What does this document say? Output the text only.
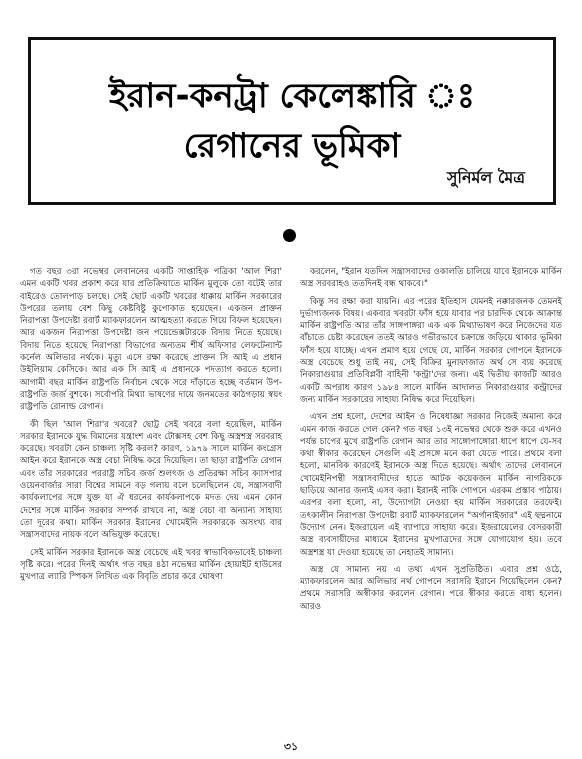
ইরান-কনট্রা কেলেঙ্কারি ঃ
রেগানের ভূমিকা
সুনির্মল মৈত্র

গত বছর ৩রা নভেম্বর লেবাননের একটি সাপ্তাহিক পত্রিকা 'আল শিরা' এমন একটি খবর প্রকাশ করে যার প্রতিক্রিয়াতে মার্কিন মুলুকে তো বটেই তার বাইরেও তোলপাড় চলছে। সেই ছোট একটি খবরের ধাক্কায় মার্কিন সরকারের উপরের তলায় বেশ কিছু কেষ্টবিষ্টু কুপোকাত হয়েছেন। একজন প্রাক্তন নিরাপত্তা উপদেষ্টা রবার্ট ম্যাকফারলেন আত্মহত্যা করতে গিয়ে বিফল হয়েছেন। আর একজন নিরাপত্তা উপদেষ্টা জন পয়েন্ডেক্সটারকে বিদায় নিতে হয়েছে। বিদায় নিতে হয়েছে নিরাপত্তা বিভাগের অন্যতম শীর্ষ অফিসার লেফটেন্যান্ট কর্নেল অলিভার নর্থকে। মৃত্যু এসে রক্ষা করেছে প্রাক্তন সি আই এ প্রধান উইলিয়াম কেসিকে। আর এক সি আই এ প্রধানকে পদত্যাগ করতে হলো। আগামী বছর মার্কিন রাষ্ট্রপতি নির্বাচন থেকে সরে দাঁড়াতে হচ্ছে বর্তমান উপ-রাষ্ট্রপতি জর্জ বুশকে। সর্বোপরি মিথ্যা ভাষণের দায়ে জনমতের কাঠগড়ায় স্বয়ং রাষ্ট্রপতি রোনাল্ড রেগান।

কী ছিল 'আল শিরা'র খবরে? ছোট্ট সেই খবরে বলা হয়েছিল, মার্কিন সরকার ইরানকে যুদ্ধ বিমানের যন্ত্রাংশ এবং টোক্সসহ বেশ কিছু অস্ত্রশস্ত্র সরবরাহ করেছে। খবরটা কেন চাঞ্চল্য সৃষ্টি করল? কারণ, ১৯৭৯ সালে মার্কিন কংগ্রেস আইন করে ইরানকে অস্ত্র বেচা নিষিদ্ধ করে দিয়েছিল। তা ছাড়া রাষ্ট্রপতি রেগান এবং তাঁর সরকারের পররাষ্ট্র সচিব জর্জ শুলৎজ ও প্রতিরক্ষা সচিব ক্যাসপার ওয়েনবার্জার সারা বিশ্বের সামনে বড় গলায় বলে চলেছিলেন যে, সন্ত্রাসবাদী কার্যকলাপের সঙ্গে যুক্ত যা ঐ ধরনের কার্যকলাপকে মদত দেয় এমন কোন দেশের সঙ্গে মার্কিন সরকার সম্পর্ক রাখবে না, অস্ত্র বেচা বা অন্যান্য সাহায্য তো দূরের কথা। মার্কিন সরকার ইরানের খোমেইনি সরকারকে অসংখ্য বার সন্ত্রাসবাদের নায়ক বলে অভিযুক্ত করেছে।

সেই মার্কিন সরকার ইরানকে অস্ত্র বেচেছে এই খবর স্বাভাবিকভাবেই চাঞ্চল্য সৃষ্টি করে। পরের দিনই অর্থাৎ গত বছর ৪ঠা নভেম্বর মার্কিন হোয়াইট হাউসের মুখপাত্র ল্যারি স্পিকস লিখিত এক বিবৃতি প্রচার করে ঘোষণা

করলেন, "ইরান যতদিন সন্ত্রাসবাদের ওকালতি চালিয়ে যাবে ইরানকে মার্কিন অস্ত্র সরবরাহও ততদিনই বন্ধ থাকবে।"

কিন্তু সব রক্ষা করা যায়নি। এর পরের ইতিহাস যেমনই নক্কারজনক তেমনই দুর্ভাগ্যজনক বিষয়। একবার খবরটা ফাঁস হয়ে যাবার পর চারদিক থেকে আক্রান্ত মার্কিন রাষ্ট্রপতি আর তাঁর সাঙ্গপাঙ্গরা এক এক মিথ্যাভাষণ করে নিজেদের যত বাঁচাতে চেষ্টা করেছেন ততই আরও গভীরভাবে চক্রান্তে জড়িয়ে থাকার ভূমিকা ফাঁস হয়ে যাচ্ছে। এখন প্রমাণ হয়ে গেছে যে, মার্কিন সরকার গোপনে ইরানকে অস্ত্র বেচেছে শুধু তাই নয়, সেই বিক্রির মুনাফাজাত অর্থ সে ব্যয় করেছে নিকারাগুয়ার প্রতিবিপ্লবী বাহিনী 'কন্ট্রা'দের জন্য। এই দ্বিতীয় কাজটি আরও একটি অপরাধ কারণ ১৯৮৪ সালে মার্কিন আদালত নিকারাগুয়ার কন্ট্রাদের জন্য মার্কিন সরকারের সাহায্য নিষিদ্ধ করে দিয়েছিল।

এখন প্রশ্ন হলো, দেশের আইন ও নিষেধাজ্ঞা সরকার নিজেই অমান্য করে এমন কাজ করতে গেল কেন? গত বছর ১৩ই নভেম্বর থেকে শুরু করে এখনও পর্যন্ত চাপের মুখে রাষ্ট্রপতি রেগান আর তার সাঙ্গোপাঙ্গোরা ধাপে ধাপে যে-সব কথা স্বীকার করেছেন সেগুলি এই প্রসঙ্গে মনে করা যেতে পারে। প্রথমে বলা হলো, মানবিক কারণেই ইরানকে অস্ত্র দিতে হয়েছে। অর্থাৎ তাদের লেবাননে খোমেইনিপন্থী সন্ত্রাসবাদীদের হাতে আটক কয়েকজন মার্কিন নাগরিককে ছাড়িয়ে আনার জন্যই এসব করা। ইরানই নাকি গোপনে এরকম প্রস্তাব পাঠায়। এরপর বলা হলো, না, উদ্যোগটা নেওয়া হয় মার্কিন সরকারের তরফেই। তৎকালীন নিরাপত্তা উপদেষ্টা রবার্ট ম্যাকফারলেন "অর্গানাইজার" এই ছদ্মনামে উদ্যোগ নেন। ইজরায়েল এই ব্যাপারে সাহায্য করে। ইজরায়েলের বেসরকারী অস্ত্র ব্যবসায়ীদের মাধ্যমে ইরানের মুখপাত্রদের সঙ্গে যোগাযোগ হয়। তবে অস্ত্রশস্ত্র যা দেওয়া হয়েছে তা নেহাতই সামান্য।

অস্ত্র যে সামান্য নয় এ তথ্য এখন সুপ্রতিষ্ঠিত। এবার প্রশ্ন ওঠে, ম্যাকফারলেন আর অলিভার নর্থ গোপনে সরাসরি ইরানে গিয়েছিলেন কেন? প্রথমে সরাসরি অস্বীকার করলেন রেগান। পরে স্বীকার করতে বাধ্য হলেন। আরও

৩১
